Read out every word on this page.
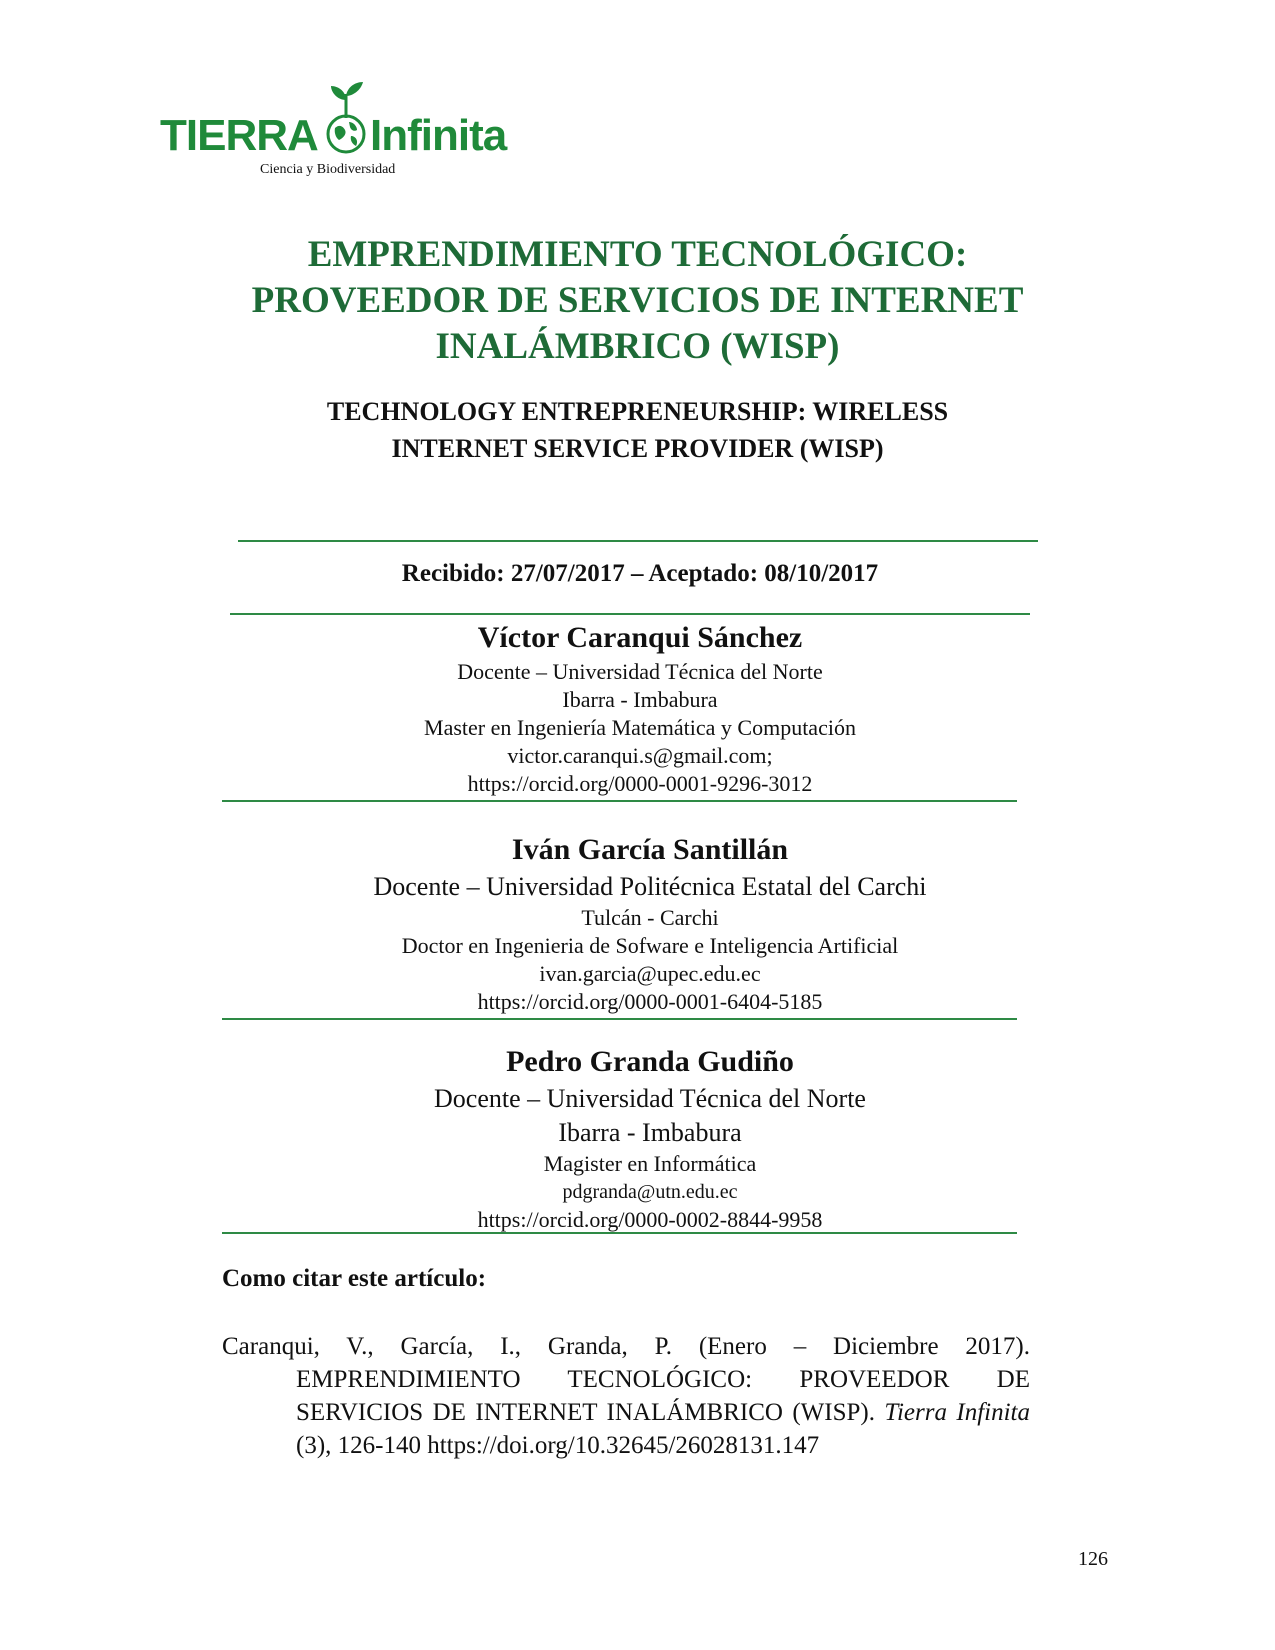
TIERRA Infinita
Ciencia y Biodiversidad
EMPRENDIMIENTO TECNOLÓGICO:
PROVEEDOR DE SERVICIOS DE INTERNET
INALÁMBRICO (WISP)
TECHNOLOGY ENTREPRENEURSHIP: WIRELESS
INTERNET SERVICE PROVIDER (WISP)
Recibido: 27/07/2017 – Aceptado: 08/10/2017
Víctor Caranqui Sánchez
Docente – Universidad Técnica del Norte
Ibarra - Imbabura
Master en Ingeniería Matemática y Computación
victor.caranqui.s@gmail.com;
https://orcid.org/0000-0001-9296-3012
Iván García Santillán
Docente – Universidad Politécnica Estatal del Carchi
Tulcán - Carchi
Doctor en Ingenieria de Sofware e Inteligencia Artificial
ivan.garcia@upec.edu.ec
https://orcid.org/0000-0001-6404-5185
Pedro Granda Gudiño
Docente – Universidad Técnica del Norte
Ibarra - Imbabura
Magister en Informática
pdgranda@utn.edu.ec
https://orcid.org/0000-0002-8844-9958
Como citar este artículo:

Caranqui, V., García, I., Granda, P. (Enero – Diciembre 2017). EMPRENDIMIENTO TECNOLÓGICO: PROVEEDOR DE SERVICIOS DE INTERNET INALÁMBRICO (WISP). Tierra Infinita (3), 126-140 https://doi.org/10.32645/26028131.147

126
